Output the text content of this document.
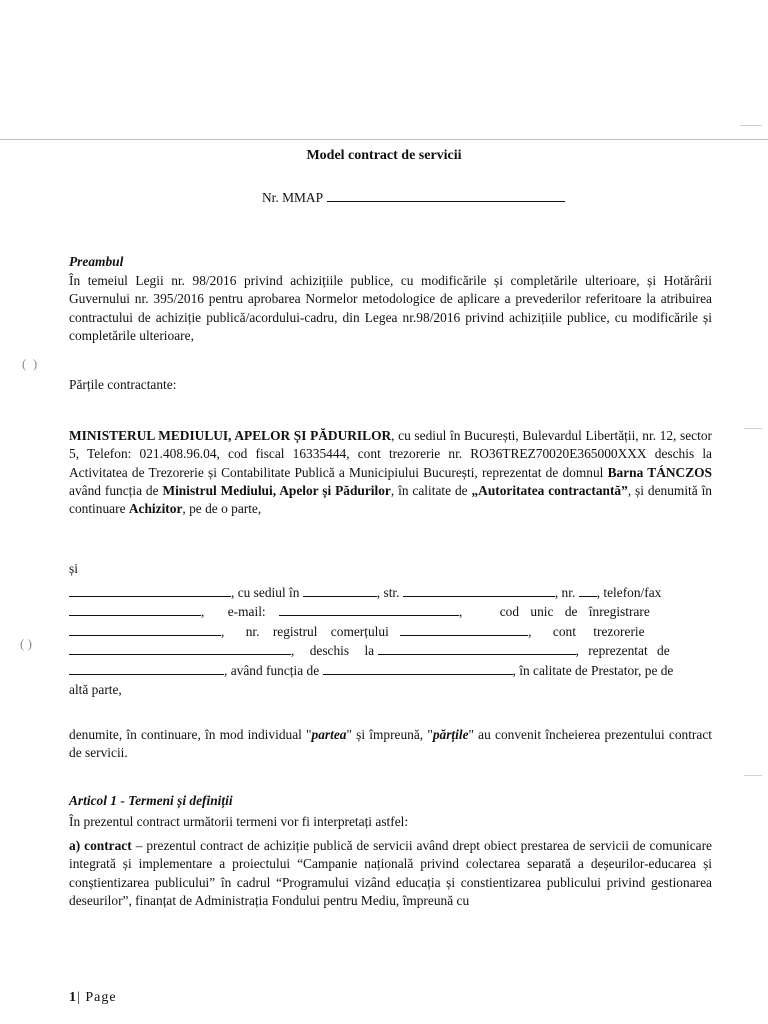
(  )
( )
Model contract de servicii
Nr. MMAP
Preambul

În temeiul Legii nr. 98/2016 privind achizițiile publice, cu modificările și completările ulterioare, și Hotărârii Guvernului nr. 395/2016 pentru aprobarea Normelor metodologice de aplicare a prevederilor referitoare la atribuirea contractului de achiziție publică/acordului-cadru, din Legea nr.98/2016 privind achizițiile publice, cu modificările și completările ulterioare,

Părțile contractante:

MINISTERUL MEDIULUI, APELOR ȘI PĂDURILOR, cu sediul în București, Bulevardul Libertății, nr. 12, sector 5, Telefon: 021.408.96.04, cod fiscal 16335444, cont trezorerie nr. RO36TREZ70020E365000XXX deschis la Activitatea de Trezorerie și Contabilitate Publică a Municipiului București, reprezentat de domnul Barna TÁNCZOS având funcția de Ministrul Mediului, Apelor și Pădurilor, în calitate de „Autoritatea contractantă”, și denumită în continuare Achizitor, pe de o parte,

și
, cu sediul în	, str.	, nr. , telefon/fax
, e-mail:	,	cod unic de înregistrare
, nr. registrul comerțului	, cont trezorerie
, deschis la	, reprezentat de
, având funcția de	, în calitate de Prestator, pe de
altă parte,

denumite, în continuare, în mod individual "partea" și împreună, "părțile" au convenit încheierea prezentului contract de servicii.

Articol 1 - Termeni și definiții
În prezentul contract următorii termeni vor fi interpretați astfel:

a) contract – prezentul contract de achiziție publică de servicii având drept obiect prestarea de servicii de comunicare integrată și implementare a proiectului “Campanie națională privind colectarea separată a deșeurilor-educarea și conștientizarea publicului” în cadrul “Programului vizând educația și constientizarea publicului privind gestionarea deseurilor”, finanțat de Administrația Fondului pentru Mediu, împreună cu

1| Page
